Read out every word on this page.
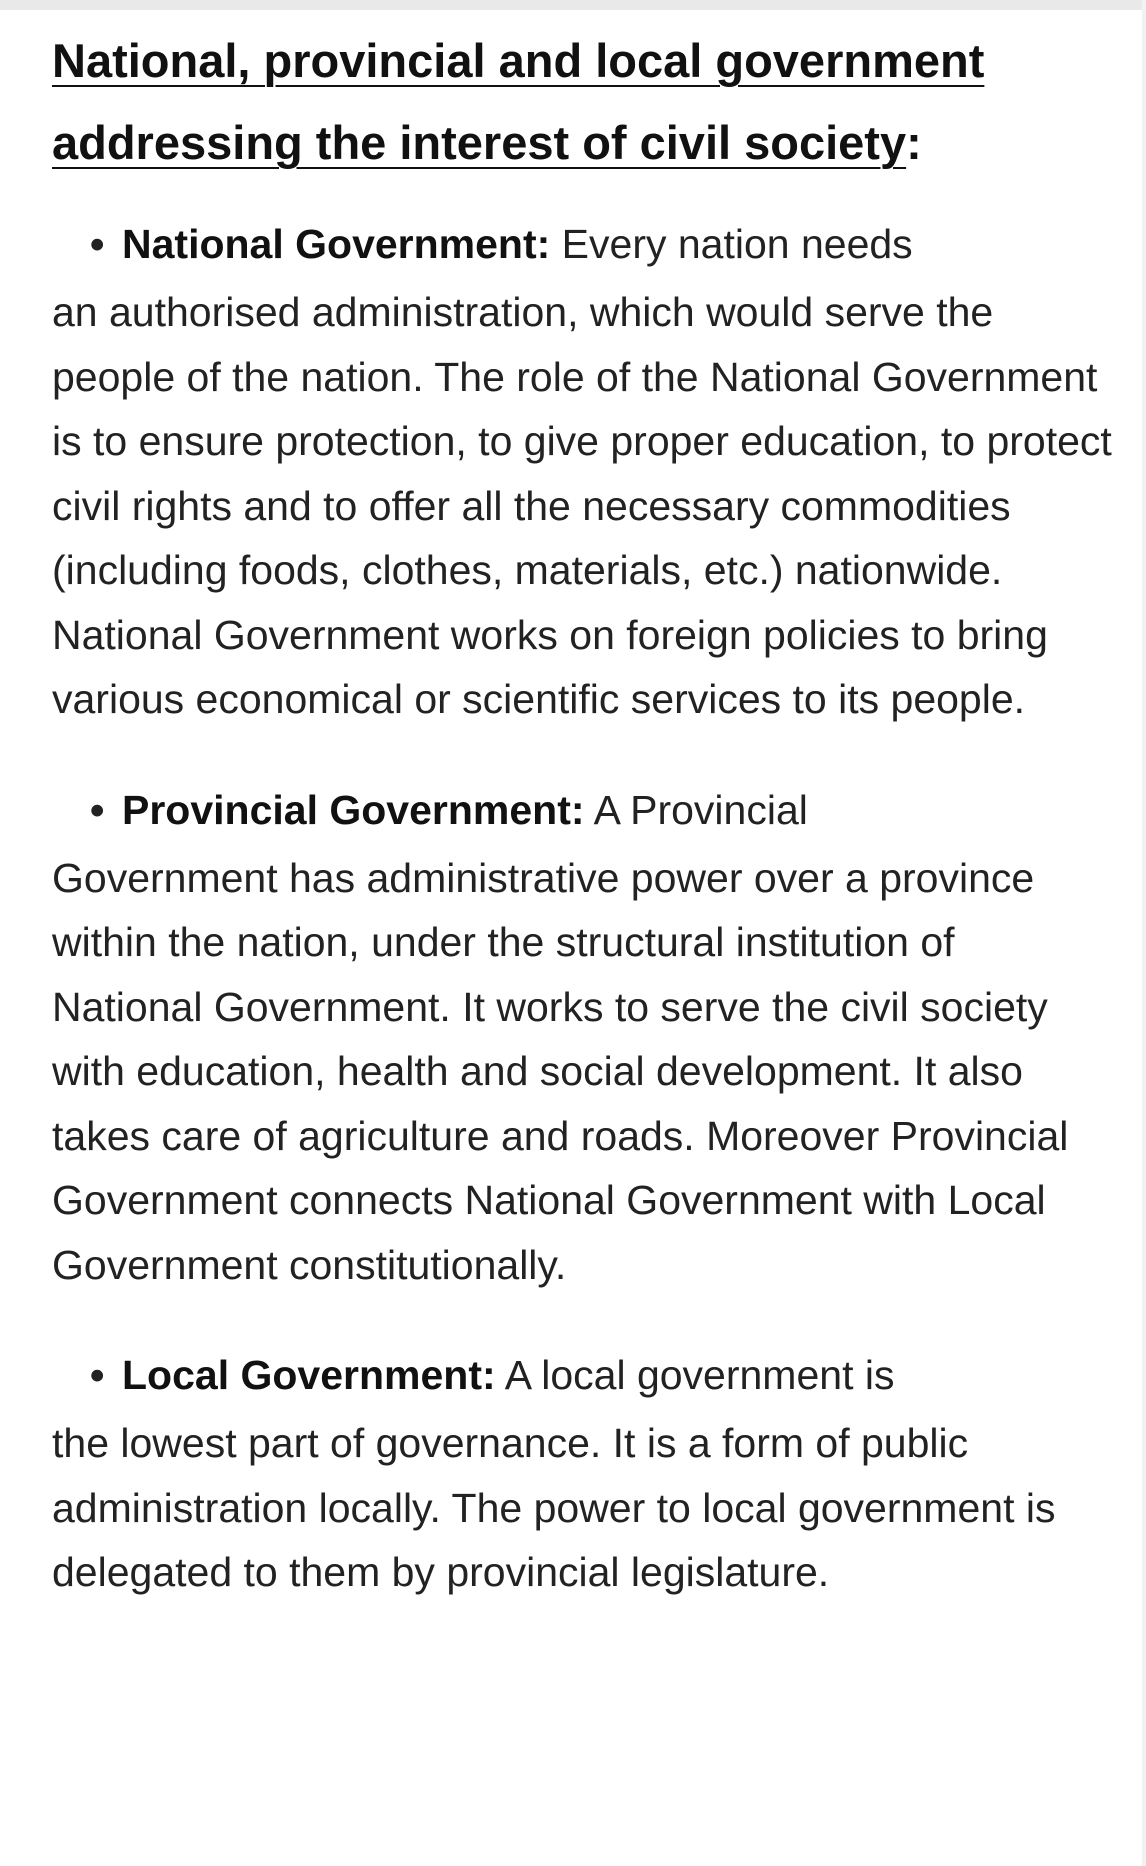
National, provincial and local government
addressing the interest of civil society:

• National Government: Every nation needs
an authorised administration, which would serve the people of the nation. The role of the National Government is to ensure protection, to give proper education, to protect civil rights and to offer all the necessary commodities (including foods, clothes, materials, etc.) nationwide. National Government works on foreign policies to bring various economical or scientific services to its people.

• Provincial Government: A Provincial
Government has administrative power over a province within the nation, under the structural institution of National Government. It works to serve the civil society with education, health and social development. It also takes care of agriculture and roads. Moreover Provincial Government connects National Government with Local Government constitutionally.

• Local Government: A local government is
the lowest part of governance. It is a form of public administration locally. The power to local government is delegated to them by provincial legislature.
